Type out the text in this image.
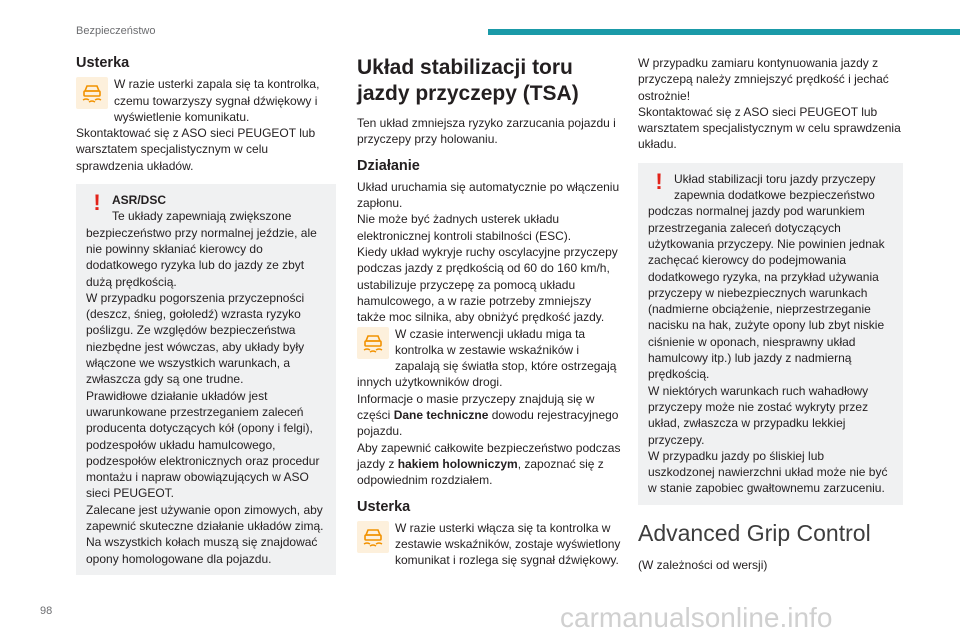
Bezpieczeństwo
Usterka

W razie usterki zapala się ta kontrolka, czemu towarzyszy sygnał dźwiękowy i wyświetlenie komunikatu.

Skontaktować się z ASO sieci PEUGEOT lub warsztatem specjalistycznym w celu sprawdzenia układów.

! ASR/DSC

Te układy zapewniają zwiększone bezpieczeństwo przy normalnej jeździe, ale nie powinny skłaniać kierowcy do dodatkowego ryzyka lub do jazdy ze zbyt dużą prędkością.

W przypadku pogorszenia przyczepności (deszcz, śnieg, gołoledź) wzrasta ryzyko poślizgu. Ze względów bezpieczeństwa niezbędne jest wówczas, aby układy były włączone we wszystkich warunkach, a zwłaszcza gdy są one trudne.

Prawidłowe działanie układów jest uwarunkowane przestrzeganiem zaleceń producenta dotyczących kół (opony i felgi), podzespołów układu hamulcowego, podzespołów elektronicznych oraz procedur montażu i napraw obowiązujących w ASO sieci PEUGEOT.

Zalecane jest używanie opon zimowych, aby zapewnić skuteczne działanie układów zimą. Na wszystkich kołach muszą się znajdować opony homologowane dla pojazdu.

Układ stabilizacji toru jazdy przyczepy (TSA)

Ten układ zmniejsza ryzyko zarzucania pojazdu i przyczepy przy holowaniu.

Działanie

Układ uruchamia się automatycznie po włączeniu zapłonu.

Nie może być żadnych usterek układu elektronicznej kontroli stabilności (ESC).

Kiedy układ wykryje ruchy oscylacyjne przyczepy podczas jazdy z prędkością od 60 do 160 km/h, ustabilizuje przyczepę za pomocą układu hamulcowego, a w razie potrzeby zmniejszy także moc silnika, aby obniżyć prędkość jazdy.

W czasie interwencji układu miga ta kontrolka w zestawie wskaźników i zapalają się światła stop, które ostrzegają innych użytkowników drogi.

Informacje o masie przyczepy znajdują się w części Dane techniczne dowodu rejestracyjnego pojazdu.

Aby zapewnić całkowite bezpieczeństwo podczas jazdy z hakiem holowniczym, zapoznać się z odpowiednim rozdziałem.

Usterka

W razie usterki włącza się ta kontrolka w zestawie wskaźników, zostaje wyświetlony komunikat i rozlega się sygnał dźwiękowy.

W przypadku zamiaru kontynuowania jazdy z przyczepą należy zmniejszyć prędkość i jechać ostrożnie!

Skontaktować się z ASO sieci PEUGEOT lub warsztatem specjalistycznym w celu sprawdzenia układu.

! Układ stabilizacji toru jazdy przyczepy zapewnia dodatkowe bezpieczeństwo podczas normalnej jazdy pod warunkiem przestrzegania zaleceń dotyczących użytkowania przyczepy. Nie powinien jednak zachęcać kierowcy do podejmowania dodatkowego ryzyka, na przykład używania przyczepy w niebezpiecznych warunkach (nadmierne obciążenie, nieprzestrzeganie nacisku na hak, zużyte opony lub zbyt niskie ciśnienie w oponach, niesprawny układ hamulcowy itp.) lub jazdy z nadmierną prędkością.

W niektórych warunkach ruch wahadłowy przyczepy może nie zostać wykryty przez układ, zwłaszcza w przypadku lekkiej przyczepy.

W przypadku jazdy po śliskiej lub uszkodzonej nawierzchni układ może nie być w stanie zapobiec gwałtownemu zarzuceniu.

Advanced Grip Control

(W zależności od wersji)

98	carmanualsonline.info
